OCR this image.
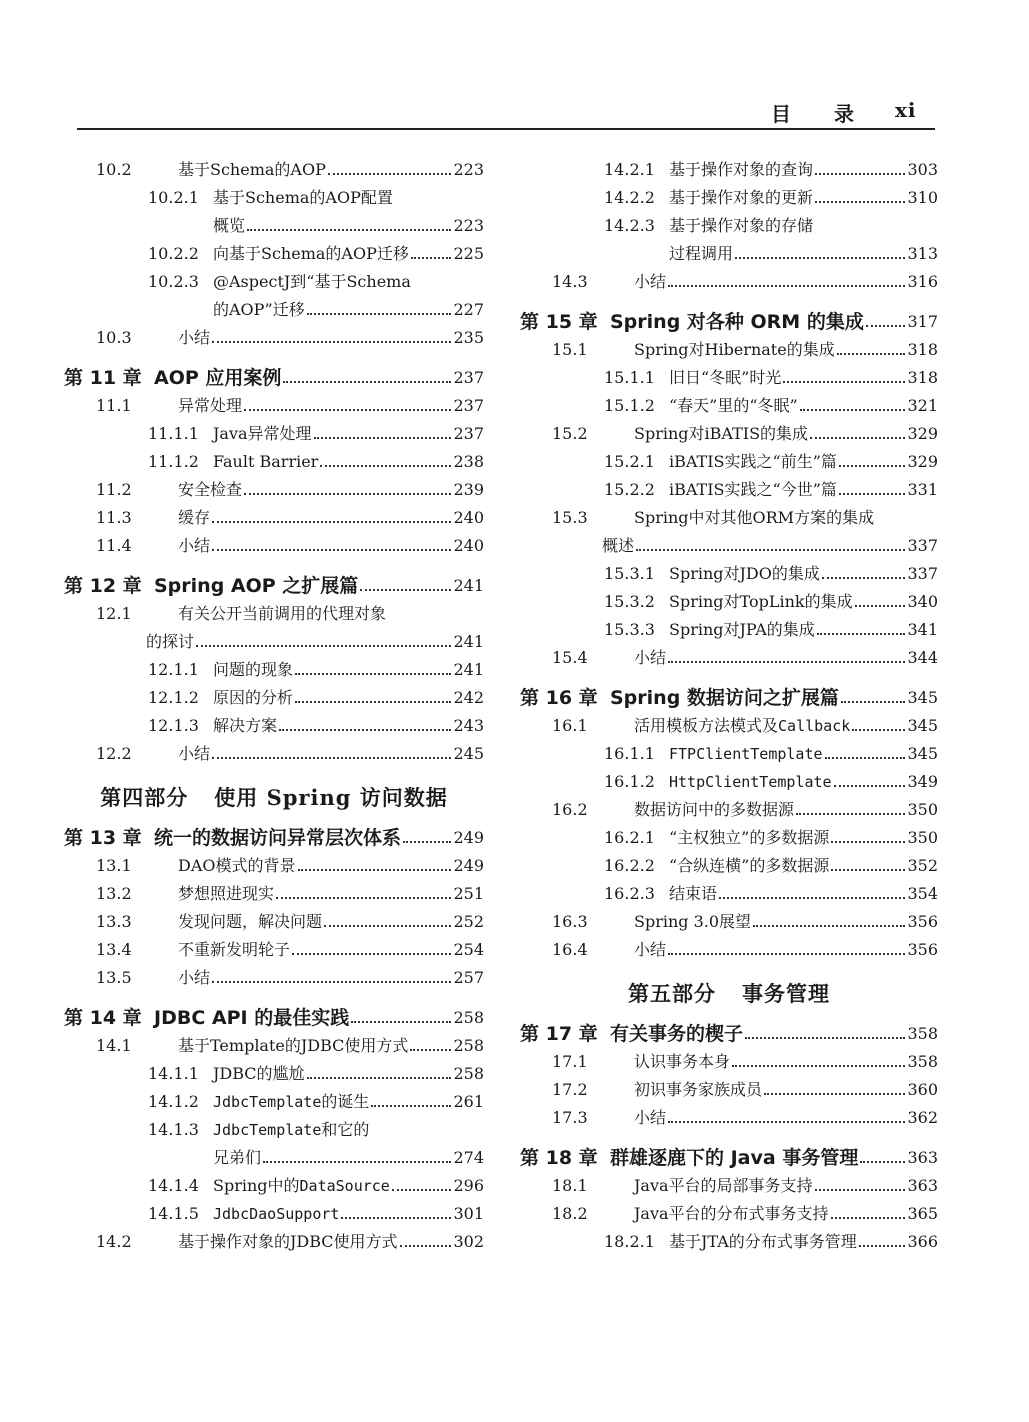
目 录 xi
10.2	基于Schema的AOP	223
10.2.1 基于Schema的AOP配置
概览	223
10.2.2 向基于Schema的AOP迁移	225
10.2.3 @AspectJ到“基于Schema
的AOP”迁移	227
10.3	小结	235
第 11 章 AOP 应用案例	237
11.1	异常处理	237
11.1.1 Java异常处理	237
11.1.2 Fault Barrier	238
11.2	安全检查	239
11.3	缓存	240
11.4	小结	240
第 12 章 Spring AOP 之扩展篇	241
12.1	有关公开当前调用的代理对象
的探讨	241
12.1.1 问题的现象	241
12.1.2 原因的分析	242
12.1.3 解决方案	243
12.2	小结	245
第四部分 使用 Spring 访问数据
第 13 章 统一的数据访问异常层次体系	249
13.1	DAO模式的背景	249
13.2	梦想照进现实	251
13.3	发现问题，解决问题	252
13.4	不重新发明轮子	254
13.5	小结	257
第 14 章 JDBC API 的最佳实践	258
14.1	基于Template的JDBC使用方式	258
14.1.1 JDBC的尴尬	258
14.1.2 JdbcTemplate的诞生	261
14.1.3 JdbcTemplate和它的
兄弟们	274
14.1.4 Spring中的DataSource	296
14.1.5 JdbcDaoSupport	301
14.2	基于操作对象的JDBC使用方式	302
14.2.1 基于操作对象的查询	303
14.2.2 基于操作对象的更新	310
14.2.3 基于操作对象的存储
过程调用	313
14.3	小结	316
第 15 章 Spring 对各种 ORM 的集成	317
15.1	Spring对Hibernate的集成	318
15.1.1 旧日“冬眠”时光	318
15.1.2 “春天”里的“冬眠”	321
15.2	Spring对iBATIS的集成	329
15.2.1 iBATIS实践之“前生”篇	329
15.2.2 iBATIS实践之“今世”篇	331
15.3	Spring中对其他ORM方案的集成
概述	337
15.3.1 Spring对JDO的集成	337
15.3.2 Spring对TopLink的集成	340
15.3.3 Spring对JPA的集成	341
15.4	小结	344
第 16 章 Spring 数据访问之扩展篇	345
16.1	活用模板方法模式及Callback	345
16.1.1 FTPClientTemplate	345
16.1.2 HttpClientTemplate	349
16.2	数据访问中的多数据源	350
16.2.1 “主权独立”的多数据源	350
16.2.2 “合纵连横”的多数据源	352
16.2.3 结束语	354
16.3	Spring 3.0展望	356
16.4	小结	356
第五部分 事务管理
第 17 章 有关事务的楔子	358
17.1	认识事务本身	358
17.2	初识事务家族成员	360
17.3	小结	362
第 18 章 群雄逐鹿下的 Java 事务管理	363
18.1	Java平台的局部事务支持	363
18.2	Java平台的分布式事务支持	365
18.2.1 基于JTA的分布式事务管理	366
